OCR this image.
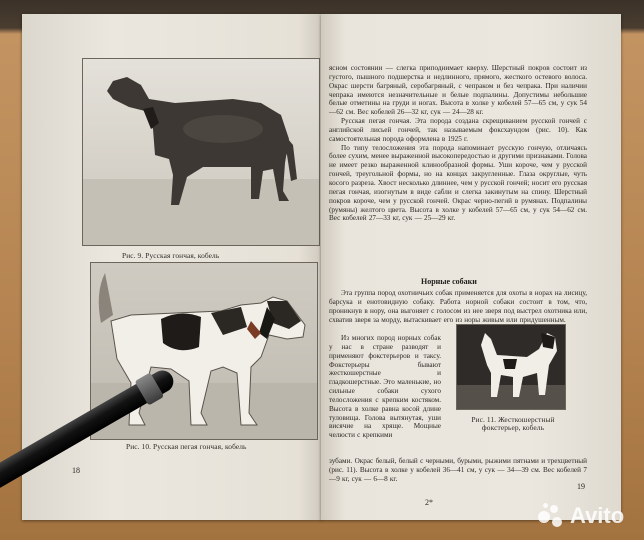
Рис. 9. Русская гончая, кобель
Рис. 10. Русская пегая гончая, кобель
18

ясном состоянии — слегка приподнимает кверху. Шерстный покров состоит из густого, пышного подшерстка и недлинного, прямого, жесткого остевого волоса. Окрас шерсти багряный, серобагряный, с чепраком и без чепрака. При наличии чепрака имеются незначительные и белые подпалины. Допустимы небольшие белые отметины на груди и ногах. Высота в холке у кобелей 57—65 см, у сук 54—62 см. Вес кобелей 26—32 кг, сук — 24—28 кг.

Русская пегая гончая. Эта порода создана скрещиванием русской гончей с английской лисьей гончей, так называемым фоксхаундом (рис. 10). Как самостоятельная порода оформлена в 1925 г.

По типу телосложения эта порода напоминает русскую гончую, отличаясь более сухим, менее выраженной высокопередостью и другими признаками. Голова не имеет резко выраженной клинообразной формы. Уши короче, чем у русской гончей, треугольной формы, но на концах закругленные. Глаза округлые, чуть косого разреза. Хвост несколько длиннее, чем у русской гончей; носит его русская пегая гончая, изогнутым в виде сабли и слегка закинутым на спину. Шерстный покров короче, чем у русской гончей. Окрас черно-пегий в румянах. Подпалины (румяны) желтого цвета. Высота в холке у кобелей 57—65 см, у сук 54—62 см. Вес кобелей 27—33 кг, сук — 25—29 кг.

Норные собаки

Эта группа пород охотничьих собак применяется для охоты в норах на лисицу, барсука и енотовидную собаку. Работа норной собаки состоит в том, что, проникнув в нору, она выгоняет с голосом из нее зверя под выстрел охотника или, схватив зверя за морду, вытаскивает его из норы живым или придушенным.

Из многих пород норных собак у нас в стране разводят и применяют фокстерьеров и таксу. Фокстерьеры бывают жесткошерстные и гладкошерстные. Это маленькие, но сильные собаки сухого телосложения с крепким костяком. Высота в холке равна косой длине туловища. Голова вытянутая, уши висячие на хряще. Мощные челюсти с крепкими

зубами. Окрас белый, белый с черными, бурыми, рыжими пятнами и трехцветный (рис. 11). Высота в холке у кобелей 36—41 см, у сук — 34—39 см. Вес кобелей 7—9 кг, сук — 6—8 кг.

Рис. 11. Жесткошерстный фокстерьер, кобель
2*
19
Avito
